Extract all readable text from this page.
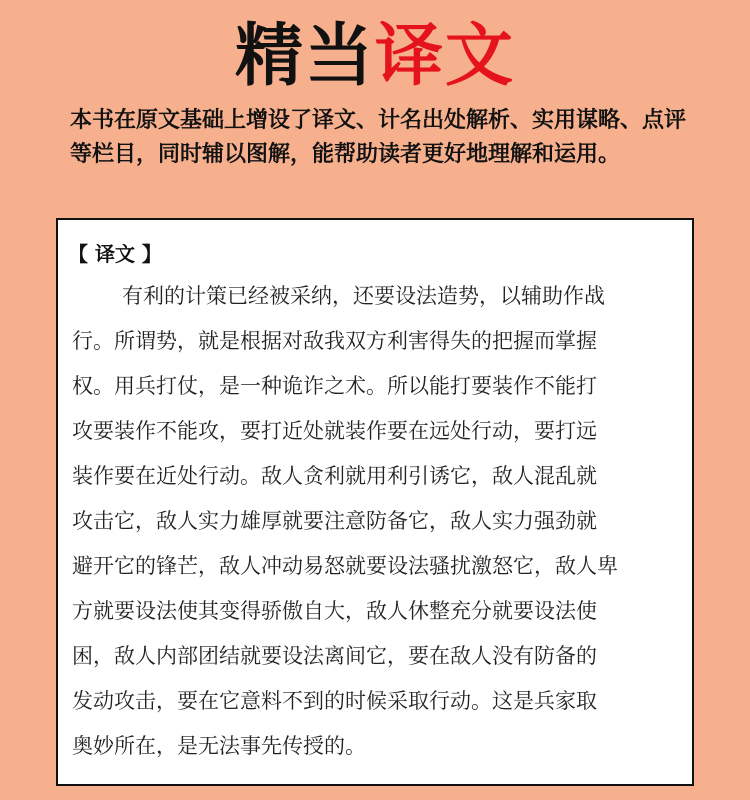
精当译文
本书在原文基础上增设了译文、计名出处解析、实用谋略、点评等栏目，同时辅以图解，能帮助读者更好地理解和运用。
【 译文 】
有利的计策已经被采纳，还要设法造势，以辅助作战
行。所谓势，就是根据对敌我双方利害得失的把握而掌握
权。用兵打仗，是一种诡诈之术。所以能打要装作不能打
攻要装作不能攻，要打近处就装作要在远处行动，要打远
装作要在近处行动。敌人贪利就用利引诱它，敌人混乱就
攻击它，敌人实力雄厚就要注意防备它，敌人实力强劲就
避开它的锋芒，敌人冲动易怒就要设法骚扰激怒它，敌人卑
方就要设法使其变得骄傲自大，敌人休整充分就要设法使
困，敌人内部团结就要设法离间它，要在敌人没有防备的
发动攻击，要在它意料不到的时候采取行动。这是兵家取
奥妙所在，是无法事先传授的。
